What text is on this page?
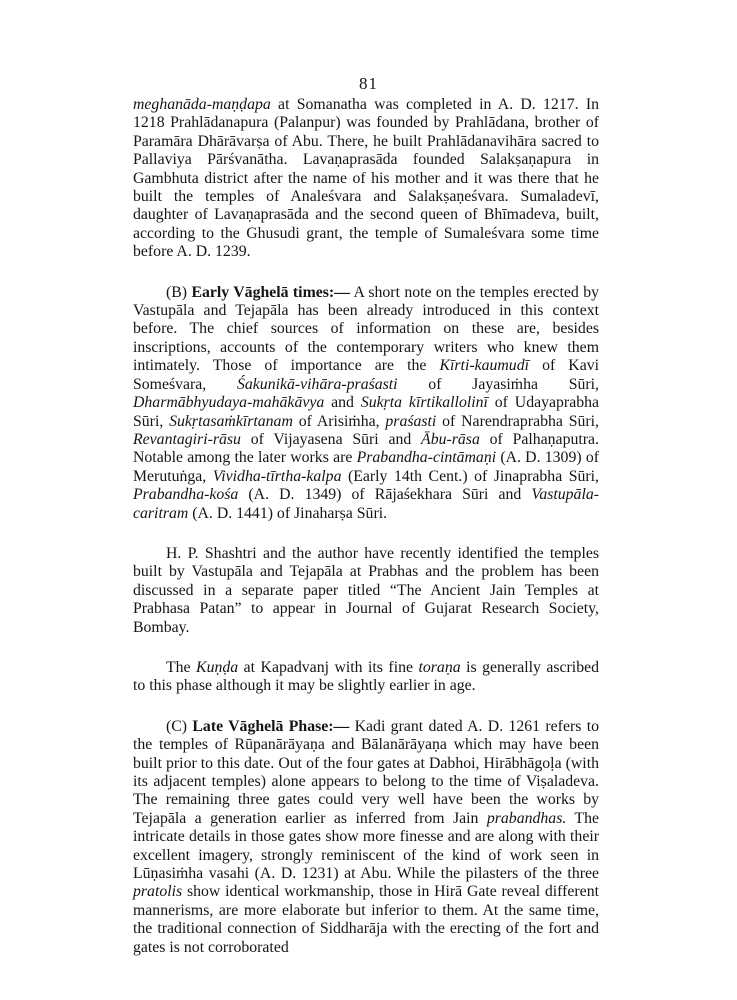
81

meghanāda-maṇḍapa at Somanatha was completed in A. D. 1217. In 1218 Prahlādanapura (Palanpur) was founded by Prahlādana, brother of Paramāra Dhārāvarṣa of Abu. There, he built Prahlādanavihāra sacred to Pallaviya Pārśvanātha. Lavaṇaprasāda founded Salakṣaṇapura in Gambhuta district after the name of his mother and it was there that he built the temples of Analeśvara and Salakṣaṇeśvara. Sumaladevī, daughter of Lavaṇaprasāda and the second queen of Bhīmadeva, built, according to the Ghusudi grant, the temple of Sumaleśvara some time before A. D. 1239.

(B) Early Vāghelā times:— A short note on the temples erected by Vastupāla and Tejapāla has been already introduced in this context before. The chief sources of information on these are, besides inscriptions, accounts of the contemporary writers who knew them intimately. Those of importance are the Kīrti-kaumudī of Kavi Someśvara, Śakunikā-vihāra-praśasti of Jayasiṁha Sūri, Dharmābhyudaya-mahākāvya and Sukṛta kīrtikallolinī of Udayaprabha Sūri, Sukṛtasaṁkīrtanam of Arisiṁha, praśasti of Narendraprabha Sūri, Revantagiri-rāsu of Vijayasena Sūri and Ābu-rāsa of Palhaṇaputra. Notable among the later works are Prabandha-cintāmaṇi (A. D. 1309) of Merutuṅga, Vividha-tīrtha-kalpa (Early 14th Cent.) of Jinaprabha Sūri, Prabandha-kośa (A. D. 1349) of Rājaśekhara Sūri and Vastupāla-caritram (A. D. 1441) of Jinaharṣa Sūri.

H. P. Shashtri and the author have recently identified the temples built by Vastupāla and Tejapāla at Prabhas and the problem has been discussed in a separate paper titled “The Ancient Jain Temples at Prabhasa Patan” to appear in Journal of Gujarat Research Society, Bombay.

The Kuṇḍa at Kapadvanj with its fine toraṇa is generally ascribed to this phase although it may be slightly earlier in age.

(C) Late Vāghelā Phase:— Kadi grant dated A. D. 1261 refers to the temples of Rūpanārāyaṇa and Bālanārāyaṇa which may have been built prior to this date. Out of the four gates at Dabhoi, Hirābhāgoḷa (with its adjacent temples) alone appears to belong to the time of Viṣaladeva. The remaining three gates could very well have been the works by Tejapāla a generation earlier as inferred from Jain prabandhas. The intricate details in those gates show more finesse and are along with their excellent imagery, strongly reminiscent of the kind of work seen in Lūṇasiṁha vasahi (A. D. 1231) at Abu. While the pilasters of the three pratolis show identical workmanship, those in Hirā Gate reveal different mannerisms, are more elaborate but inferior to them. At the same time, the traditional connection of Siddharāja with the erecting of the fort and gates is not corroborated
